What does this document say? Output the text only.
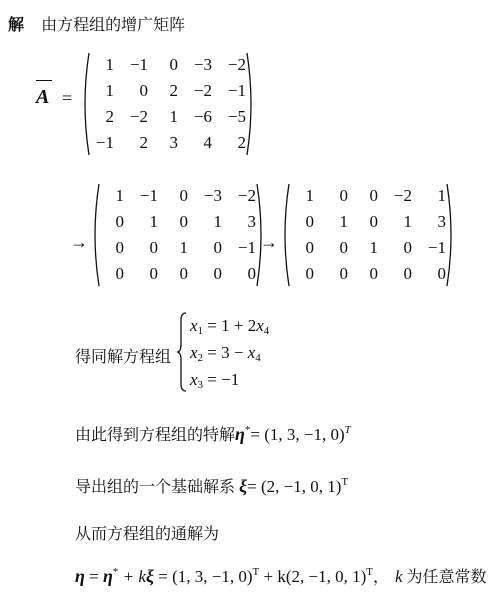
解 由方程组的增广矩阵
A =
1 −1	0 −3 −2
1	0	2 −2 −1
2 −2	1 −6 −5
−1	2	3	4	2
→
1 −1	0 −3 −2
0	1	0	1	3
0	0	1	0 −1
0	0	0	0	0
→
1	0	0 −2	1
0	1	0	1	3
0	0	1	0 −1
0	0	0	0	0
得同解方程组
$x_1 = 1 + 2x_4$
$x_2 = 3 - x_4$
$x_3 = -1$
由此得到方程组的特解η*= (1, 3, −1, 0)$^T$
导出组的一个基础解系 ξ= (2, −1, 0, 1)$^T$
从而方程组的通解为
η = η* + kξ = (1, 3, −1, 0)$^T$ + k(2, −1, 0, 1)$^T$， k 为任意常数
